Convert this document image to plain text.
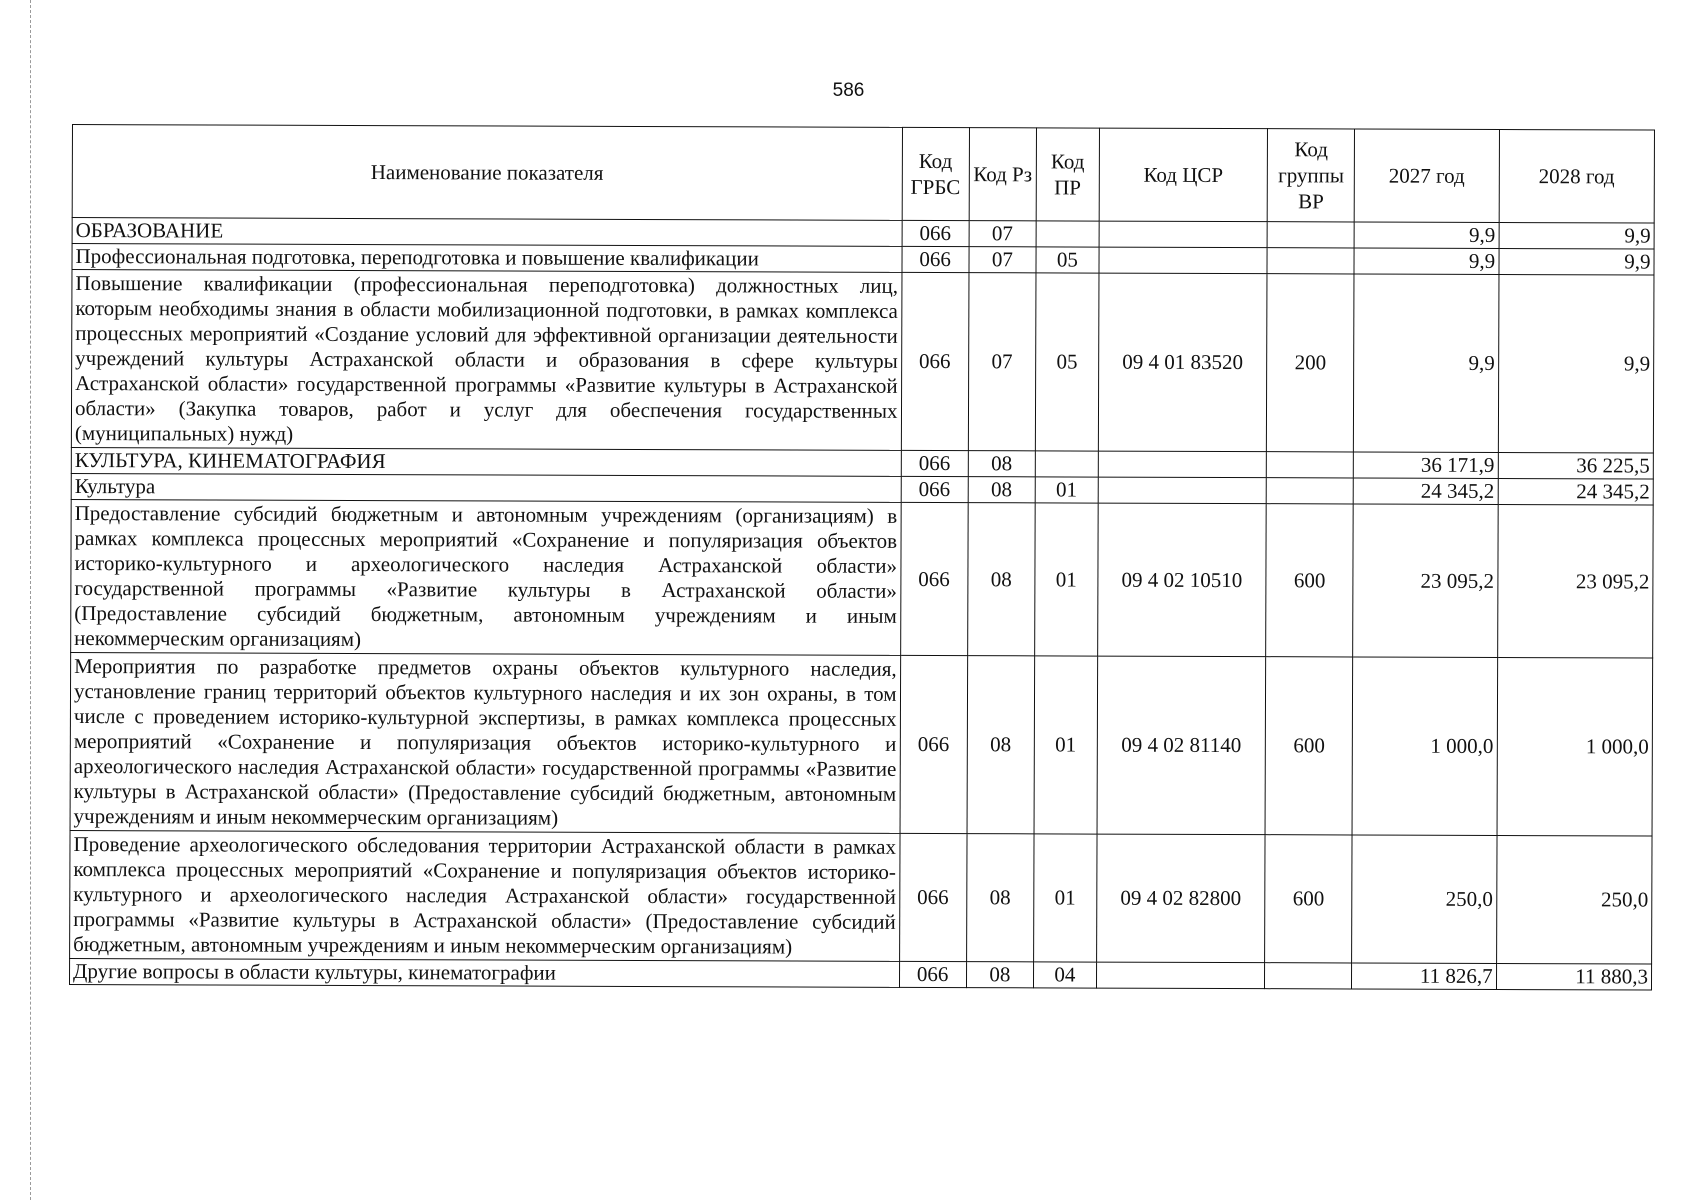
586
Наименование показателя	Код ГРБС	Код Рз	Код ПР	Код ЦСР	Код группы ВР	2027 год	2028 год
ОБРАЗОВАНИЕ	066	07				9,9	9,9
Профессиональная подготовка, переподготовка и повышение квалификации	066	07	05			9,9	9,9
Повышение квалификации (профессиональная переподготовка) должностных лиц, которым необходимы знания в области мобилизационной подготовки, в рамках комплекса процессных мероприятий «Создание условий для эффективной организации деятельности учреждений культуры Астраханской области и образования в сфере культуры Астраханской области» государственной программы «Развитие культуры в Астраханской области» (Закупка товаров, работ и услуг для обеспечения государственных (муниципальных) нужд)	066	07	05	09 4 01 83520	200	9,9	9,9
КУЛЬТУРА, КИНЕМАТОГРАФИЯ	066	08				36 171,9	36 225,5
Культура	066	08	01			24 345,2	24 345,2
Предоставление субсидий бюджетным и автономным учреждениям (организациям) в рамках комплекса процессных мероприятий «Сохранение и популяризация объектов историко-культурного и археологического наследия Астраханской области» государственной программы «Развитие культуры в Астраханской области» (Предоставление субсидий бюджетным, автономным учреждениям и иным некоммерческим организациям)	066	08	01	09 4 02 10510	600	23 095,2	23 095,2
Мероприятия по разработке предметов охраны объектов культурного наследия, установление границ территорий объектов культурного наследия и их зон охраны, в том числе с проведением историко-культурной экспертизы, в рамках комплекса процессных мероприятий «Сохранение и популяризация объектов историко-культурного и археологического наследия Астраханской области» государственной программы «Развитие культуры в Астраханской области» (Предоставление субсидий бюджетным, автономным учреждениям и иным некоммерческим организациям)	066	08	01	09 4 02 81140	600	1 000,0	1 000,0
Проведение археологического обследования территории Астраханской области в рамках комплекса процессных мероприятий «Сохранение и популяризация объектов историко-культурного и археологического наследия Астраханской области» государственной программы «Развитие культуры в Астраханской области» (Предоставление субсидий бюджетным, автономным учреждениям и иным некоммерческим организациям)	066	08	01	09 4 02 82800	600	250,0	250,0
Другие вопросы в области культуры, кинематографии	066	08	04			11 826,7	11 880,3
